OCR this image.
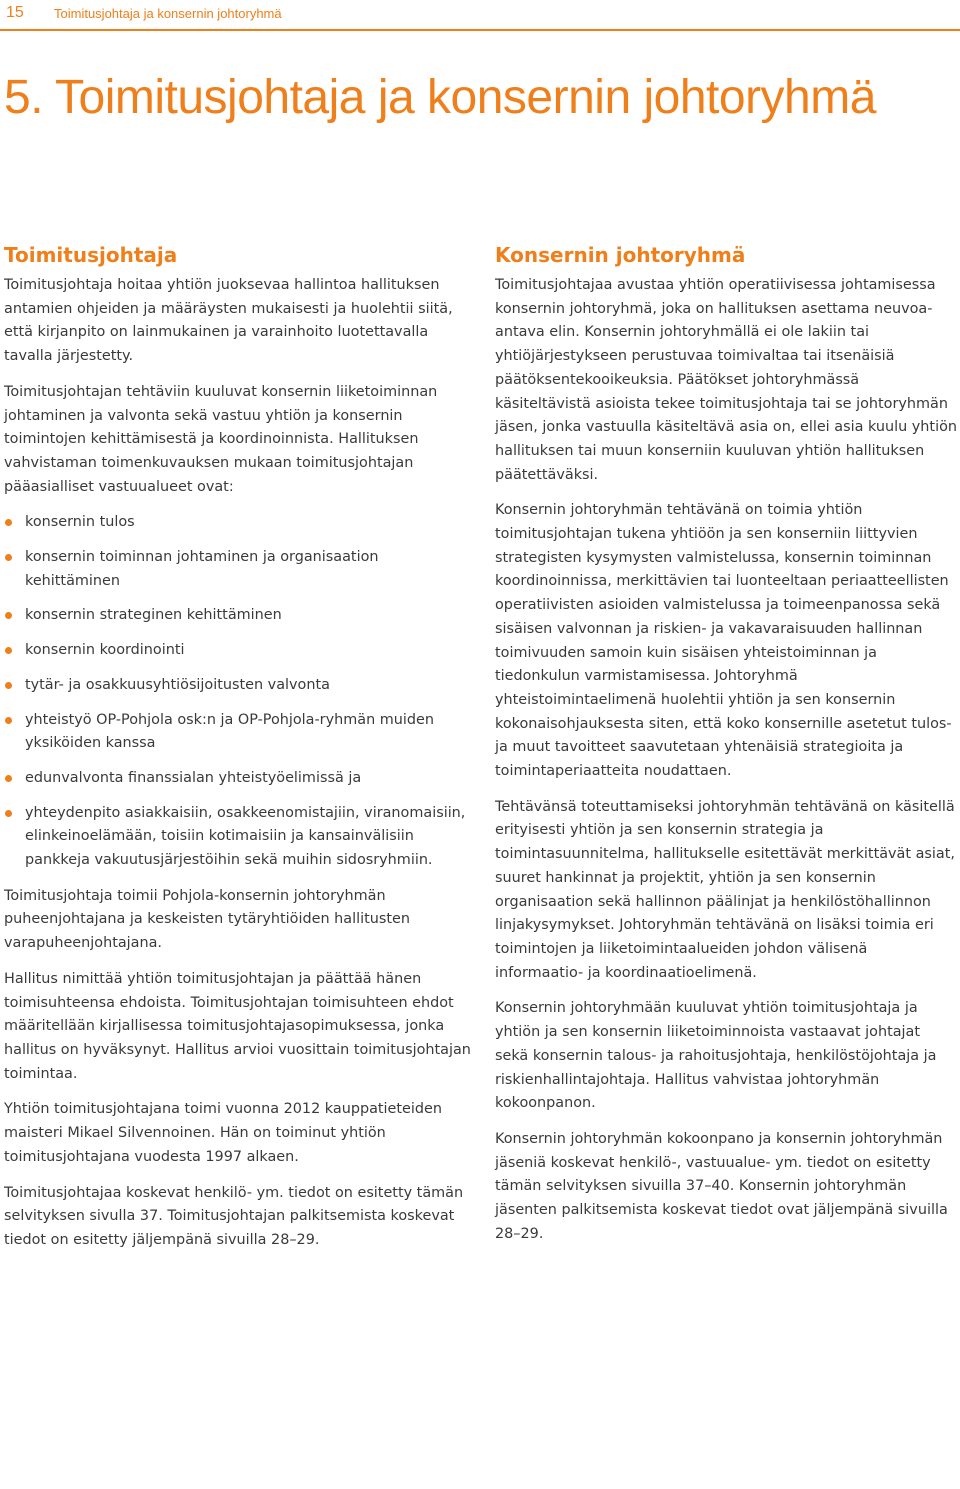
15 Toimitusjohtaja ja konsernin johtoryhmä
5. Toimitusjohtaja ja konsernin johtoryhmä
Toimitusjohtaja

Toimitusjohtaja hoitaa yhtiön juoksevaa hallintoa hallituksen antamien ohjeiden ja määräysten mukaisesti ja huolehtii siitä, että kirjanpito on lainmukainen ja varainhoito luotettavalla tavalla järjestetty.

Toimitusjohtajan tehtäviin kuuluvat konsernin liiketoiminnan johtaminen ja valvonta sekä vastuu yhtiön ja konsernin toimintojen kehittämisestä ja koordinoinnista. Hallituksen vahvistaman toimenkuvauksen mukaan toimitusjohtajan pääasialliset vastuualueet ovat:

konsernin tulos
konsernin toiminnan johtaminen ja organisaation kehittäminen
konsernin strateginen kehittäminen
konsernin koordinointi
tytär- ja osakkuusyhtiösijoitusten valvonta
yhteistyö OP-Pohjola osk:n ja OP-Pohjola-ryhmän muiden yksiköiden kanssa
edunvalvonta finanssialan yhteistyöelimissä ja
yhteydenpito asiakkaisiin, osakkeenomistajiin, viranomaisiin, elinkeinoelämään, toisiin kotimaisiin ja kansainvälisiin pankkeja vakuutusjärjestöihin sekä muihin sidosryhmiin.

Toimitusjohtaja toimii Pohjola-konsernin johtoryhmän puheenjohtajana ja keskeisten tytäryhtiöiden hallitusten varapuheenjohtajana.

Hallitus nimittää yhtiön toimitusjohtajan ja päättää hänen toimisuhteensa ehdoista. Toimitusjohtajan toimisuhteen ehdot määritellään kirjallisessa toimitusjohtajasopimuksessa, jonka hallitus on hyväksynyt. Hallitus arvioi vuosittain toimitusjohtajan toimintaa.

Yhtiön toimitusjohtajana toimi vuonna 2012 kauppatieteiden maisteri Mikael Silvennoinen. Hän on toiminut yhtiön toimitusjohtajana vuodesta 1997 alkaen.

Toimitusjohtajaa koskevat henkilö- ym. tiedot on esitetty tämän selvityksen sivulla 37. Toimitusjohtajan palkitsemista koskevat tiedot on esitetty jäljempänä sivuilla 28–29.

Konsernin johtoryhmä

Toimitusjohtajaa avustaa yhtiön operatiivisessa johtamisessa konsernin johtoryhmä, joka on hallituksen asettama neuvoa-antava elin. Konsernin johtoryhmällä ei ole lakiin tai yhtiöjärjestykseen perustuvaa toimivaltaa tai itsenäisiä päätöksentekooikeuksia. Päätökset johtoryhmässä käsiteltävistä asioista tekee toimitusjohtaja tai se johtoryhmän jäsen, jonka vastuulla käsiteltävä asia on, ellei asia kuulu yhtiön hallituksen tai muun konserniin kuuluvan yhtiön hallituksen päätettäväksi.

Konsernin johtoryhmän tehtävänä on toimia yhtiön toimitusjohtajan tukena yhtiöön ja sen konserniin liittyvien strategisten kysymysten valmistelussa, konsernin toiminnan koordinoinnissa, merkittävien tai luonteeltaan periaatteellisten operatiivisten asioiden valmistelussa ja toimeenpanossa sekä sisäisen valvonnan ja riskien- ja vakavaraisuuden hallinnan toimivuuden samoin kuin sisäisen yhteistoiminnan ja tiedonkulun varmistamisessa. Johtoryhmä yhteistoimintaelimenä huolehtii yhtiön ja sen konsernin kokonaisohjauksesta siten, että koko konsernille asetetut tulos- ja muut tavoitteet saavutetaan yhtenäisiä strategioita ja toimintaperiaatteita noudattaen.

Tehtävänsä toteuttamiseksi johtoryhmän tehtävänä on käsitellä erityisesti yhtiön ja sen konsernin strategia ja toimintasuunnitelma, hallitukselle esitettävät merkittävät asiat, suuret hankinnat ja projektit, yhtiön ja sen konsernin organisaation sekä hallinnon päälinjat ja henkilöstöhallinnon linjakysymykset. Johtoryhmän tehtävänä on lisäksi toimia eri toimintojen ja liiketoimintaalueiden johdon välisenä informaatio- ja koordinaatioelimenä.

Konsernin johtoryhmään kuuluvat yhtiön toimitusjohtaja ja yhtiön ja sen konsernin liiketoiminnoista vastaavat johtajat sekä konsernin talous- ja rahoitusjohtaja, henkilöstöjohtaja ja riskienhallintajohtaja. Hallitus vahvistaa johtoryhmän kokoonpanon.

Konsernin johtoryhmän kokoonpano ja konsernin johtoryhmän jäseniä koskevat henkilö-, vastuualue- ym. tiedot on esitetty tämän selvityksen sivuilla 37–40. Konsernin johtoryhmän jäsenten palkitsemista koskevat tiedot ovat jäljempänä sivuilla 28–29.
